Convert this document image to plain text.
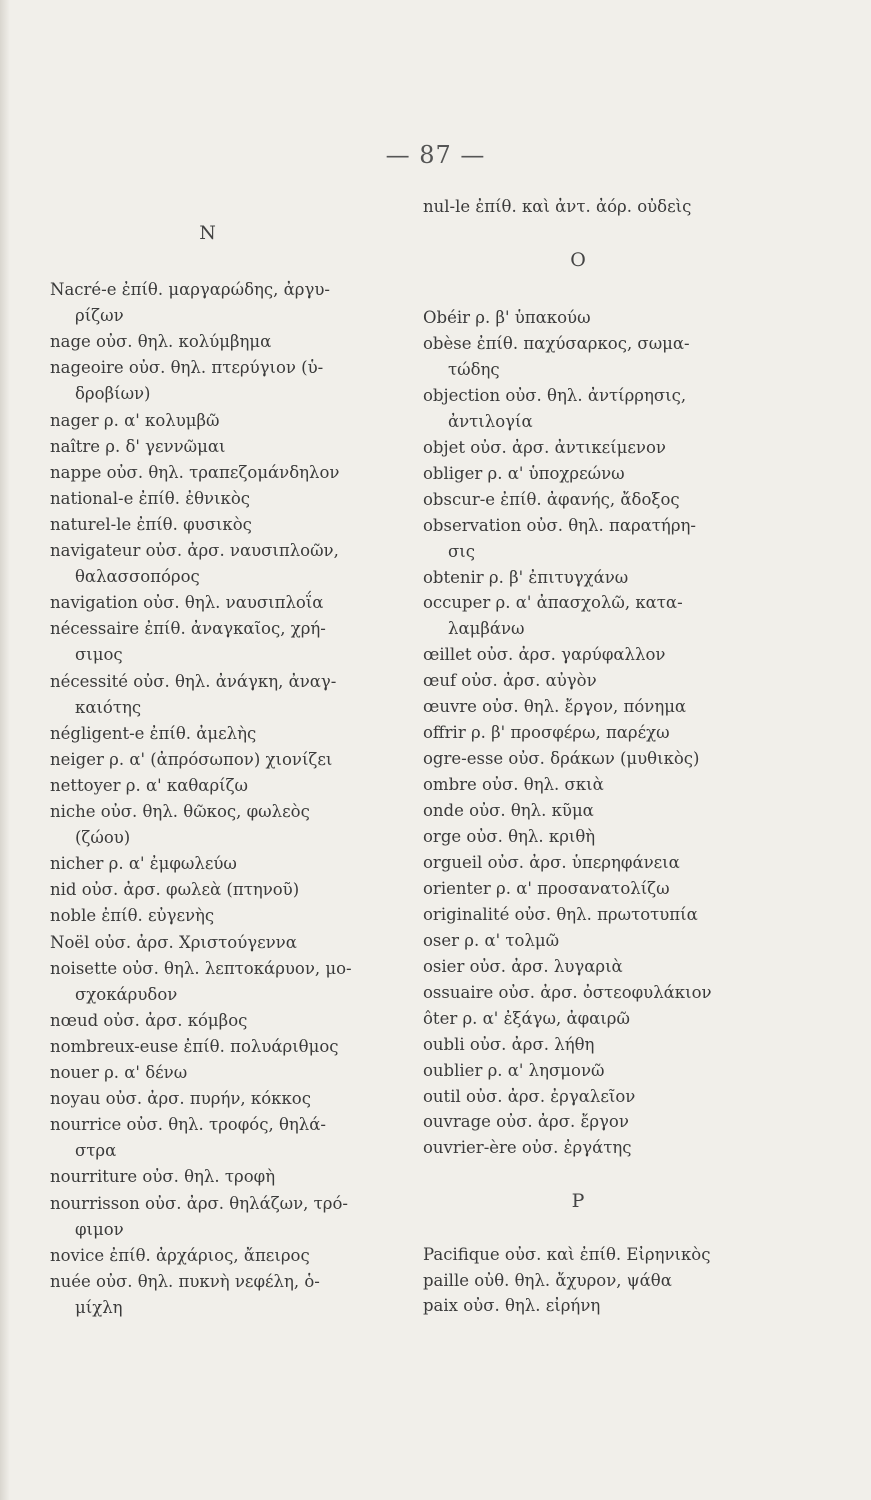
— 87 —
N
Nacré-e ἐπίθ. μαργαρώδης, ἀργυ-
ρίζων
nage οὐσ. θηλ. κολύμβημα
nageoire οὐσ. θηλ. πτερύγιον (ὑ-
δροβίων)
nager ρ. α' κολυμβῶ
naître ρ. δ' γεννῶμαι
nappe οὐσ. θηλ. τραπεζομάνδηλον
national-e ἐπίθ. ἐθνικὸς
naturel-le ἐπίθ. φυσικὸς
navigateur οὐσ. ἀρσ. ναυσιπλοῶν,
θαλασσοπόρος
navigation οὐσ. θηλ. ναυσιπλοΐα
nécessaire ἐπίθ. ἀναγκαῖος, χρή-
σιμος
nécessité οὐσ. θηλ. ἀνάγκη, ἀναγ-
καιότης
négligent-e ἐπίθ. ἀμελὴς
neiger ρ. α' (ἀπρόσωπον) χιονίζει
nettoyer ρ. α' καθαρίζω
niche οὐσ. θηλ. θῶκος, φωλεὸς
(ζώου)
nicher ρ. α' ἐμφωλεύω
nid οὐσ. ἀρσ. φωλεὰ (πτηνοῦ)
noble ἐπίθ. εὐγενὴς
Noël οὐσ. ἀρσ. Χριστούγεννα
noisette οὐσ. θηλ. λεπτοκάρυον, μο-
σχοκάρυδον
nœud οὐσ. ἀρσ. κόμβος
nombreux-euse ἐπίθ. πολυάριθμος
nouer ρ. α' δένω
noyau οὐσ. ἀρσ. πυρήν, κόκκος
nourrice οὐσ. θηλ. τροφός, θηλά-
στρα
nourriture οὐσ. θηλ. τροφὴ
nourrisson οὐσ. ἀρσ. θηλάζων, τρό-
φιμον
novice ἐπίθ. ἀρχάριος, ἄπειρος
nuée οὐσ. θηλ. πυκνὴ νεφέλη, ὁ-
μίχλη
nul-le ἐπίθ. καὶ ἀντ. ἀόρ. οὐδεὶς
O
Obéir ρ. β' ὑπακούω
obèse ἐπίθ. παχύσαρκος, σωμα-
τώδης
objection οὐσ. θηλ. ἀντίρρησις,
ἀντιλογία
objet οὐσ. ἀρσ. ἀντικείμενον
obliger ρ. α' ὑποχρεώνω
obscur-e ἐπίθ. ἀφανής, ἄδοξος
observation οὐσ. θηλ. παρατήρη-
σις
obtenir ρ. β' ἐπιτυγχάνω
occuper ρ. α' ἀπασχολῶ, κατα-
λαμβάνω
œillet οὐσ. ἀρσ. γαρύφαλλον
œuf οὐσ. ἀρσ. αὐγὸν
œuvre οὐσ. θηλ. ἔργον, πόνημα
offrir ρ. β' προσφέρω, παρέχω
ogre-esse οὐσ. δράκων (μυθικὸς)
ombre οὐσ. θηλ. σκιὰ
onde οὐσ. θηλ. κῦμα
orge οὐσ. θηλ. κριθὴ
orgueil οὐσ. ἀρσ. ὑπερηφάνεια
orienter ρ. α' προσανατολίζω
originalité οὐσ. θηλ. πρωτοτυπία
oser ρ. α' τολμῶ
osier οὐσ. ἀρσ. λυγαριὰ
ossuaire οὐσ. ἀρσ. ὀστεοφυλάκιον
ôter ρ. α' ἐξάγω, ἀφαιρῶ
oubli οὐσ. ἀρσ. λήθη
oublier ρ. α' λησμονῶ
outil οὐσ. ἀρσ. ἐργαλεῖον
ouvrage οὐσ. ἀρσ. ἔργον
ouvrier-ère οὐσ. ἐργάτης
P
Pacifique οὐσ. καὶ ἐπίθ. Εἰρηνικὸς
paille οὐθ. θηλ. ἄχυρον, ψάθα
paix οὐσ. θηλ. εἰρήνη
